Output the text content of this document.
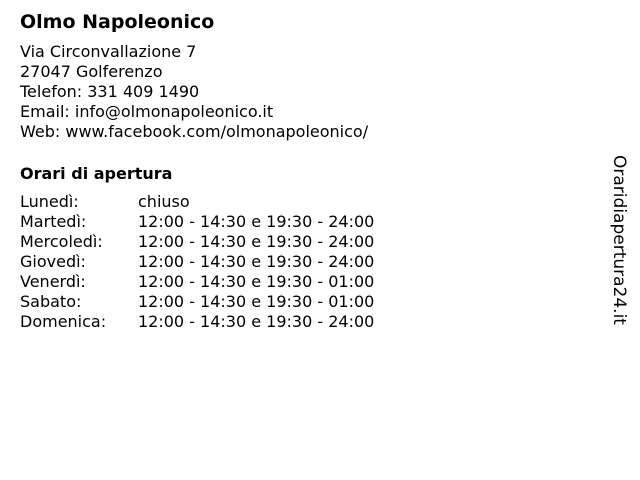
Olmo Napoleonico
Via Circonvallazione 7
27047 Golferenzo
Telefon: 331 409 1490
Email: info@olmonapoleonico.it
Web: www.facebook.com/olmonapoleonico/
Orari di apertura
Lunedì:	chiuso
Martedì:	12:00 - 14:30 e 19:30 - 24:00
Mercoledì:	12:00 - 14:30 e 19:30 - 24:00
Giovedì:	12:00 - 14:30 e 19:30 - 24:00
Venerdì:	12:00 - 14:30 e 19:30 - 01:00
Sabato:	12:00 - 14:30 e 19:30 - 01:00
Domenica:	12:00 - 14:30 e 19:30 - 24:00	Oraridiapertura24.it
